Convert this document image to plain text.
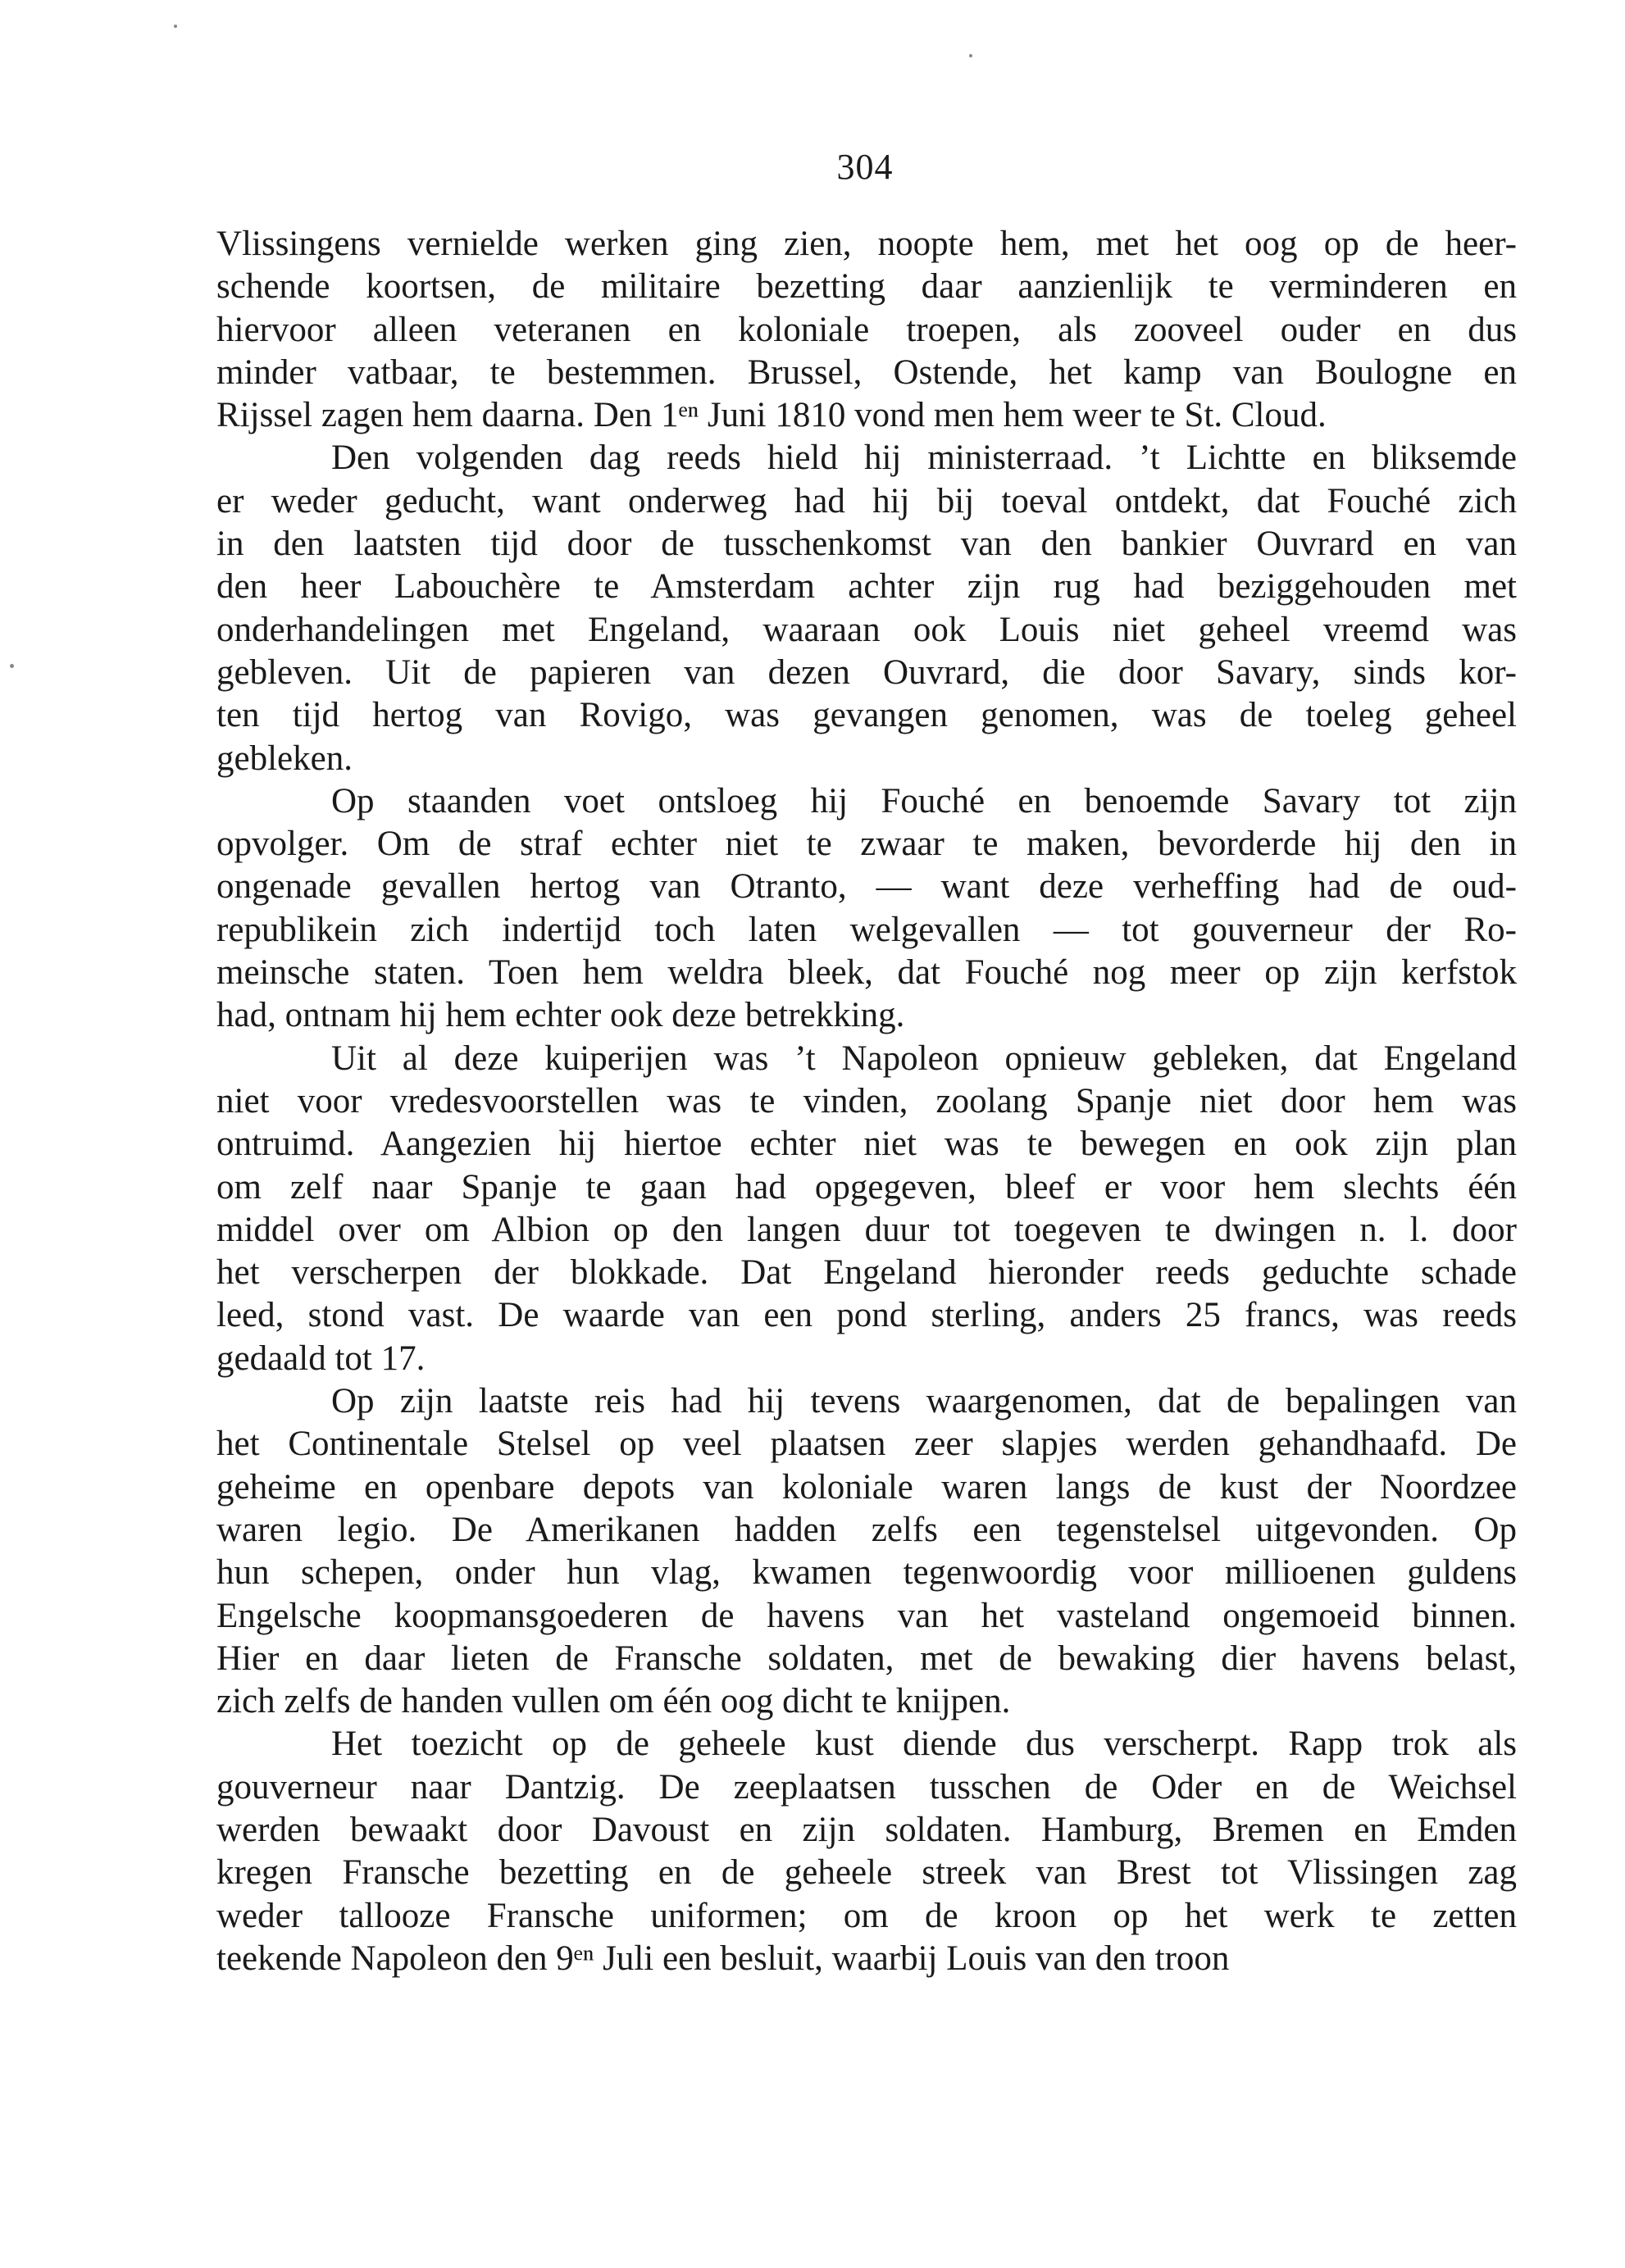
304
Vlissingens vernielde werken ging zien, noopte hem, met het oog op de heer-
schende koortsen, de militaire bezetting daar aanzienlijk te verminderen en
hiervoor alleen veteranen en koloniale troepen, als zooveel ouder en dus
minder vatbaar, te bestemmen. Brussel, Ostende, het kamp van Boulogne en
Rijssel zagen hem daarna. Den 1ᵉⁿ Juni 1810 vond men hem weer te St. Cloud.
Den volgenden dag reeds hield hij ministerraad. ’t Lichtte en bliksemde
er weder geducht, want onderweg had hij bij toeval ontdekt, dat Fouché zich
in den laatsten tijd door de tusschenkomst van den bankier Ouvrard en van
den heer Labouchère te Amsterdam achter zijn rug had beziggehouden met
onderhandelingen met Engeland, waaraan ook Louis niet geheel vreemd was
gebleven. Uit de papieren van dezen Ouvrard, die door Savary, sinds kor-
ten tijd hertog van Rovigo, was gevangen genomen, was de toeleg geheel
gebleken.
Op staanden voet ontsloeg hij Fouché en benoemde Savary tot zijn
opvolger. Om de straf echter niet te zwaar te maken, bevorderde hij den in
ongenade gevallen hertog van Otranto, — want deze verheffing had de oud-
republikein zich indertijd toch laten welgevallen — tot gouverneur der Ro-
meinsche staten. Toen hem weldra bleek, dat Fouché nog meer op zijn kerfstok
had, ontnam hij hem echter ook deze betrekking.
Uit al deze kuiperijen was ’t Napoleon opnieuw gebleken, dat Engeland
niet voor vredesvoorstellen was te vinden, zoolang Spanje niet door hem was
ontruimd. Aangezien hij hiertoe echter niet was te bewegen en ook zijn plan
om zelf naar Spanje te gaan had opgegeven, bleef er voor hem slechts één
middel over om Albion op den langen duur tot toegeven te dwingen n. l. door
het verscherpen der blokkade. Dat Engeland hieronder reeds geduchte schade
leed, stond vast. De waarde van een pond sterling, anders 25 francs, was reeds
gedaald tot 17.
Op zijn laatste reis had hij tevens waargenomen, dat de bepalingen van
het Continentale Stelsel op veel plaatsen zeer slapjes werden gehandhaafd. De
geheime en openbare depots van koloniale waren langs de kust der Noordzee
waren legio. De Amerikanen hadden zelfs een tegenstelsel uitgevonden. Op
hun schepen, onder hun vlag, kwamen tegenwoordig voor millioenen guldens
Engelsche koopmansgoederen de havens van het vasteland ongemoeid binnen.
Hier en daar lieten de Fransche soldaten, met de bewaking dier havens belast,
zich zelfs de handen vullen om één oog dicht te knijpen.
Het toezicht op de geheele kust diende dus verscherpt. Rapp trok als
gouverneur naar Dantzig. De zeeplaatsen tusschen de Oder en de Weichsel
werden bewaakt door Davoust en zijn soldaten. Hamburg, Bremen en Emden
kregen Fransche bezetting en de geheele streek van Brest tot Vlissingen zag
weder tallooze Fransche uniformen; om de kroon op het werk te zetten
teekende Napoleon den 9ᵉⁿ Juli een besluit, waarbij Louis van den troon
